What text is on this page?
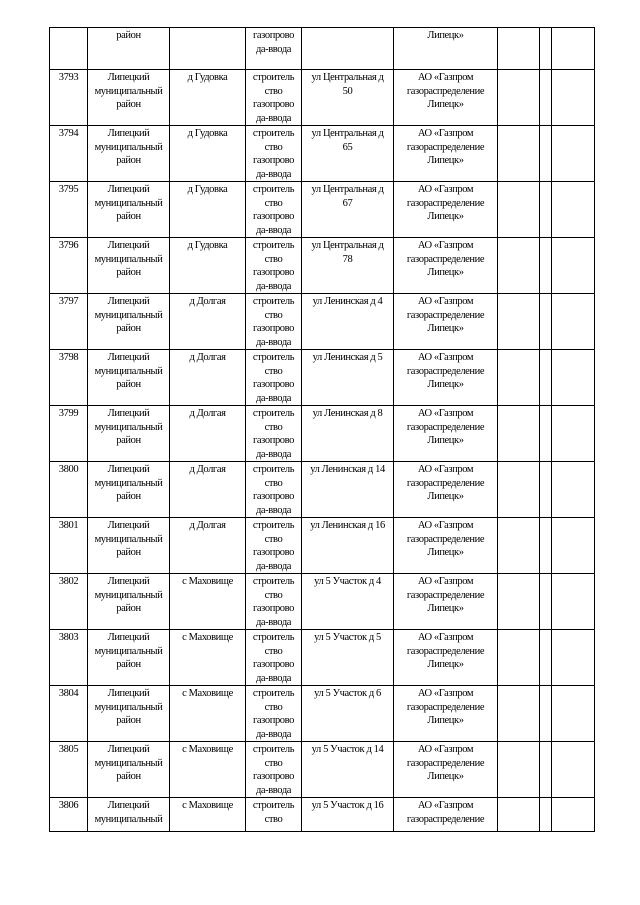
	район		газопрово
да-ввода		Липецк»			
3793	Липецкий
муниципальный
район	д Гудовка	строитель
ство
газопрово
да-ввода	ул Центральная д
50	АО «Газпром
газораспределение
Липецк»			
3794	Липецкий
муниципальный
район	д Гудовка	строитель
ство
газопрово
да-ввода	ул Центральная д
65	АО «Газпром
газораспределение
Липецк»			
3795	Липецкий
муниципальный
район	д Гудовка	строитель
ство
газопрово
да-ввода	ул Центральная д
67	АО «Газпром
газораспределение
Липецк»			
3796	Липецкий
муниципальный
район	д Гудовка	строитель
ство
газопрово
да-ввода	ул Центральная д
78	АО «Газпром
газораспределение
Липецк»			
3797	Липецкий
муниципальный
район	д Долгая	строитель
ство
газопрово
да-ввода	ул Ленинская д 4	АО «Газпром
газораспределение
Липецк»			
3798	Липецкий
муниципальный
район	д Долгая	строитель
ство
газопрово
да-ввода	ул Ленинская д 5	АО «Газпром
газораспределение
Липецк»			
3799	Липецкий
муниципальный
район	д Долгая	строитель
ство
газопрово
да-ввода	ул Ленинская д 8	АО «Газпром
газораспределение
Липецк»			
3800	Липецкий
муниципальный
район	д Долгая	строитель
ство
газопрово
да-ввода	ул Ленинская д 14	АО «Газпром
газораспределение
Липецк»			
3801	Липецкий
муниципальный
район	д Долгая	строитель
ство
газопрово
да-ввода	ул Ленинская д 16	АО «Газпром
газораспределение
Липецк»			
3802	Липецкий
муниципальный
район	с Маховище	строитель
ство
газопрово
да-ввода	ул 5 Участок д 4	АО «Газпром
газораспределение
Липецк»			
3803	Липецкий
муниципальный
район	с Маховище	строитель
ство
газопрово
да-ввода	ул 5 Участок д 5	АО «Газпром
газораспределение
Липецк»			
3804	Липецкий
муниципальный
район	с Маховище	строитель
ство
газопрово
да-ввода	ул 5 Участок д 6	АО «Газпром
газораспределение
Липецк»			
3805	Липецкий
муниципальный
район	с Маховище	строитель
ство
газопрово
да-ввода	ул 5 Участок д 14	АО «Газпром
газораспределение
Липецк»			
3806	Липецкий
муниципальный	с Маховище	строитель
ство	ул 5 Участок д 16	АО «Газпром
газораспределение			
